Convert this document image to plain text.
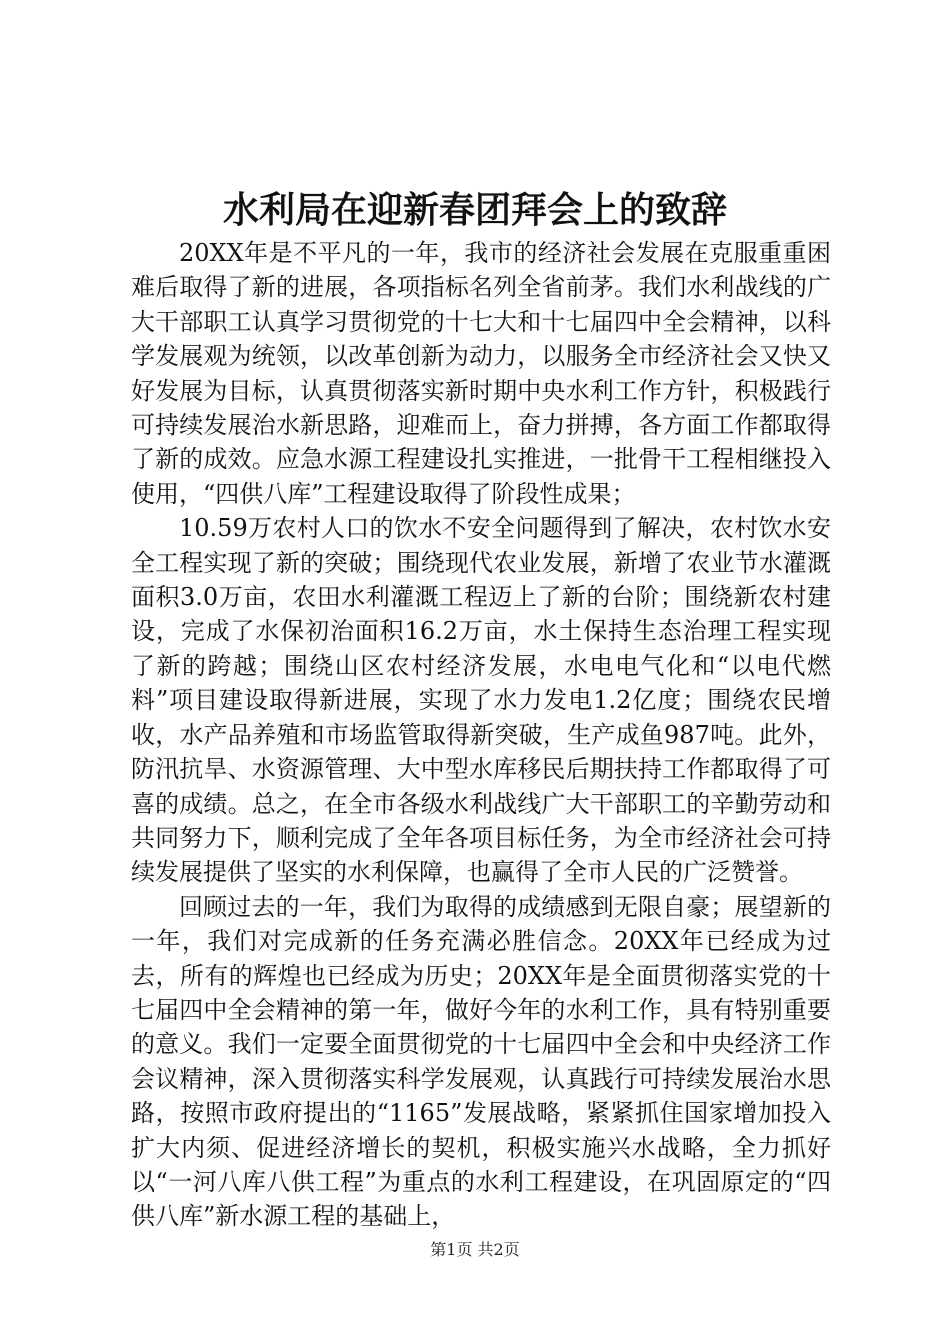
水利局在迎新春团拜会上的致辞

20XX年是不平凡的一年，我市的经济社会发展在克服重重困难后取得了新的进展，各项指标名列全省前茅。我们水利战线的广大干部职工认真学习贯彻党的十七大和十七届四中全会精神，以科学发展观为统领，以改革创新为动力，以服务全市经济社会又快又好发展为目标，认真贯彻落实新时期中央水利工作方针，积极践行可持续发展治水新思路，迎难而上，奋力拼搏，各方面工作都取得了新的成效。应急水源工程建设扎实推进，一批骨干工程相继投入使用，“四供八库”工程建设取得了阶段性成果；

10.59万农村人口的饮水不安全问题得到了解决，农村饮水安全工程实现了新的突破；围绕现代农业发展，新增了农业节水灌溉面积3.0万亩，农田水利灌溉工程迈上了新的台阶；围绕新农村建设，完成了水保初治面积16.2万亩，水土保持生态治理工程实现了新的跨越；围绕山区农村经济发展，水电电气化和“以电代燃料”项目建设取得新进展，实现了水力发电1.2亿度；围绕农民增收，水产品养殖和市场监管取得新突破，生产成鱼987吨。此外，防汛抗旱、水资源管理、大中型水库移民后期扶持工作都取得了可喜的成绩。总之，在全市各级水利战线广大干部职工的辛勤劳动和共同努力下，顺利完成了全年各项目标任务，为全市经济社会可持续发展提供了坚实的水利保障，也赢得了全市人民的广泛赞誉。

回顾过去的一年，我们为取得的成绩感到无限自豪；展望新的一年，我们对完成新的任务充满必胜信念。20XX年已经成为过去，所有的辉煌也已经成为历史；20XX年是全面贯彻落实党的十七届四中全会精神的第一年，做好今年的水利工作，具有特别重要的意义。我们一定要全面贯彻党的十七届四中全会和中央经济工作会议精神，深入贯彻落实科学发展观，认真践行可持续发展治水思路，按照市政府提出的“1165”发展战略，紧紧抓住国家增加投入扩大内须、促进经济增长的契机，积极实施兴水战略，全力抓好以“一河八库八供工程”为重点的水利工程建设，在巩固原定的“四供八库”新水源工程的基础上，

第1页 共2页
